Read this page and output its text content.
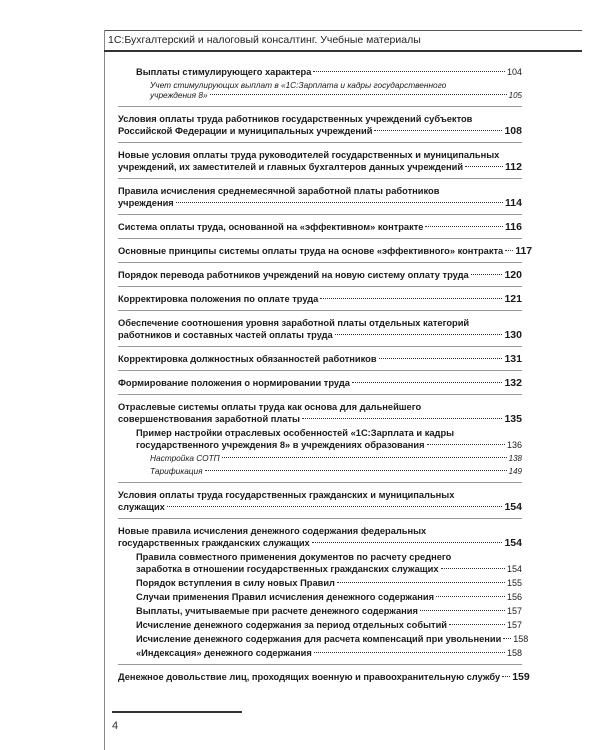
1С:Бухгалтерский и налоговый консалтинг. Учебные материалы
Выплаты стимулирующего характера	104
Учет стимулирующих выплат в «1С:Зарплата и кадры государственного
учреждения 8»	105
Условия оплаты труда работников государственных учреждений субъектов
Российской Федерации и муниципальных учреждений	108
Новые условия оплаты труда руководителей государственных и муниципальных
учреждений, их заместителей и главных бухгалтеров данных учреждений	112
Правила исчисления среднемесячной заработной платы работников
учреждения	114
Система оплаты труда, основанной на «эффективном» контракте	116
Основные принципы системы оплаты труда на основе «эффективного» контракта 117
Порядок перевода работников учреждений на новую систему оплату труда	120
Корректировка положения по оплате труда	121
Обеспечение соотношения уровня заработной платы отдельных категорий
работников и составных частей оплаты труда	130
Корректировка должностных обязанностей работников	131
Формирование положения о нормировании труда	132
Отраслевые системы оплаты труда как основа для дальнейшего
совершенствования заработной платы	135
Пример настройки отраслевых особенностей «1С:Зарплата и кадры
государственного учреждения 8» в учреждениях образования	136
Настройка СОТП	138
Тарификация	149
Условия оплаты труда государственных гражданских и муниципальных
служащих	154
Новые правила исчисления денежного содержания федеральных
государственных гражданских служащих	154
Правила совместного применения документов по расчету среднего
заработка в отношении государственных гражданских служащих	154
Порядок вступления в силу новых Правил	155
Случаи применения Правил исчисления денежного содержания	156
Выплаты, учитываемые при расчете денежного содержания	157
Исчисление денежного содержания за период отдельных событий	157
Исчисление денежного содержания для расчета компенсаций при увольнении 158
«Индексация» денежного содержания	158
Денежное довольствие лиц, проходящих военную и правоохранительную службу 159
4
